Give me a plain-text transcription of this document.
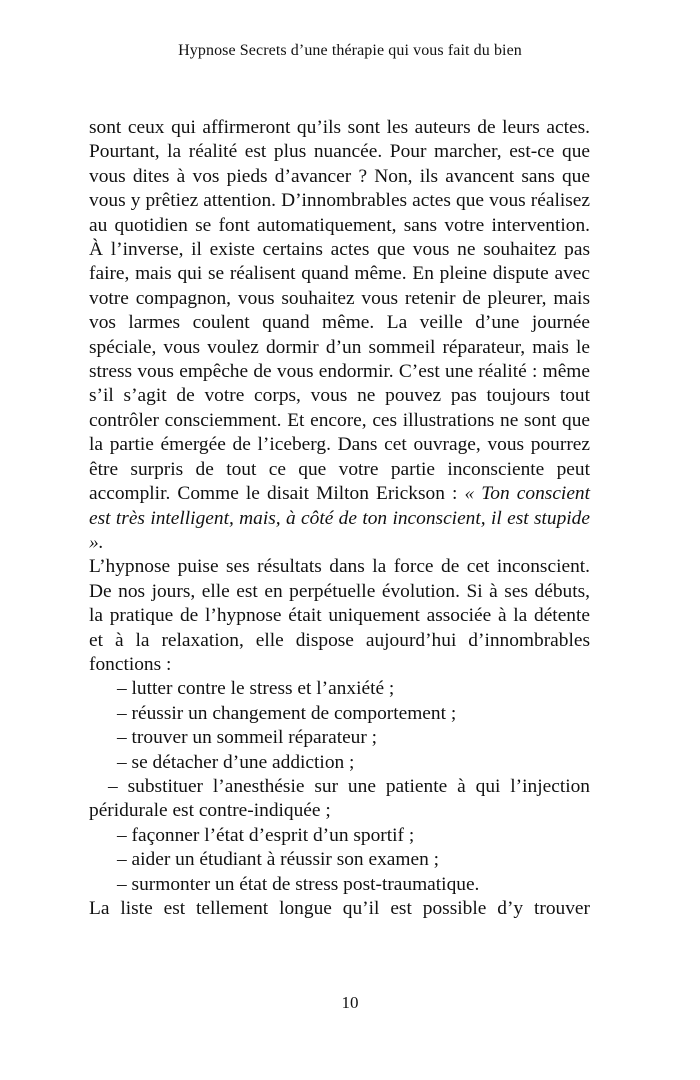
Hypnose Secrets d’une thérapie qui vous fait du bien

sont ceux qui affirmeront qu’ils sont les auteurs de leurs actes. Pourtant, la réalité est plus nuancée. Pour marcher, est-ce que vous dites à vos pieds d’avancer ? Non, ils avancent sans que vous y prêtiez attention. D’innombrables actes que vous réalisez au quotidien se font automatiquement, sans votre intervention. À l’inverse, il existe certains actes que vous ne souhaitez pas faire, mais qui se réalisent quand même. En pleine dispute avec votre compagnon, vous souhaitez vous retenir de pleurer, mais vos larmes coulent quand même. La veille d’une journée spéciale, vous voulez dormir d’un sommeil réparateur, mais le stress vous empêche de vous endormir. C’est une réalité : même s’il s’agit de votre corps, vous ne pouvez pas toujours tout contrôler consciemment. Et encore, ces illustrations ne sont que la partie émergée de l’iceberg. Dans cet ouvrage, vous pourrez être surpris de tout ce que votre partie inconsciente peut accomplir. Comme le disait Milton Erickson : « Ton conscient est très intelligent, mais, à côté de ton inconscient, il est stupide ».

L’hypnose puise ses résultats dans la force de cet inconscient. De nos jours, elle est en perpétuelle évolution. Si à ses débuts, la pratique de l’hypnose était uniquement associée à la détente et à la relaxation, elle dispose aujourd’hui d’innombrables fonctions :

– lutter contre le stress et l’anxiété ;
– réussir un changement de comportement ;
– trouver un sommeil réparateur ;
– se détacher d’une addiction ;
– substituer l’anesthésie sur une patiente à qui l’injection péridurale est contre-indiquée ;
– façonner l’état d’esprit d’un sportif ;
– aider un étudiant à réussir son examen ;
– surmonter un état de stress post-traumatique.

La liste est tellement longue qu’il est possible d’y trouver

10
